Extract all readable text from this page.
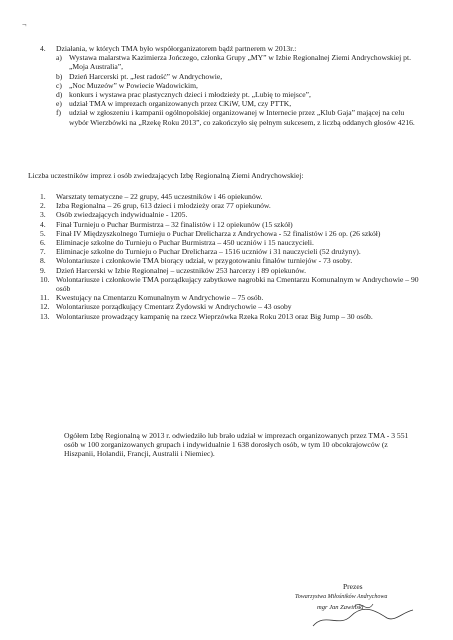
¬
4.	Działania, w których TMA było współorganizatorem bądź partnerem w 2013r.:
a) Wystawa malarstwa Kazimierza Jończego, członka Grupy „MY” w Izbie Regionalnej Ziemi Andrychowskiej pt. „Moja Australia”,
b) Dzień Harcerski pt. „Jest radość” w Andrychowie,
c) „Noc Muzeów” w Powiecie Wadowickim,
d) konkurs i wystawa prac plastycznych dzieci i młodzieży pt. „Lubię to miejsce”,
e) udział TMA w imprezach organizowanych przez CKiW, UM, czy PTTK,
f)	udział w zgłoszeniu i kampanii ogólnopolskiej organizowanej w Internecie przez „Klub Gaja” mającej na celu wybór Wierzbówki na „Rzekę Roku 2013”, co zakończyło się pełnym sukcesem, z liczbą oddanych głosów 4216.
Liczba uczestników imprez i osób zwiedzających Izbę Regionalną Ziemi Andrychowskiej:
1.	Warsztaty tematyczne – 22 grupy, 445 uczestników i 46 opiekunów.
2.	Izba Regionalna – 26 grup, 613 dzieci i młodzieży oraz 77 opiekunów.
3.	Osób zwiedzających indywidualnie - 1205.
4.	Finał Turnieju o Puchar Burmistrza – 32 finalistów i 12 opiekunów (15 szkół)
5.	Finał IV Międzyszkolnego Turnieju o Puchar Drelicharza z Andrychowa - 52 finalistów i 26 op. (26 szkół)
6.	Eliminacje szkolne do Turnieju o Puchar Burmistrza – 450 uczniów i 15 nauczycieli.
7.	Eliminacje szkolne do Turnieju o Puchar Drelicharza – 1516 uczniów i 31 nauczycieli (52 drużyny).
8.	Wolontariusze i członkowie TMA biorący udział, w przygotowaniu finałów turniejów - 73 osoby.
9.	Dzień Harcerski w Izbie Regionalnej – uczestników 253 harcerzy i 89 opiekunów.
10. Wolontariusze i członkowie TMA porządkujący zabytkowe nagrobki na Cmentarzu Komunalnym w Andrychowie – 90 osób
11. Kwestujący na Cmentarzu Komunalnym w Andrychowie – 75 osób.
12. Wolontariusze porządkujący Cmentarz Żydowski w Andrychowie – 43 osoby
13. Wolontariusze prowadzący kampanię na rzecz Wieprzówka Rzeka Roku 2013 oraz Big Jump – 30 osób.
Ogółem Izbę Regionalną w 2013 r. odwiedziło lub brało udział w imprezach organizowanych przez TMA - 3 551 osób w 100 zorganizowanych grupach i indywidualnie 1 638 dorosłych osób, w tym 10 obcokrajowców (z Hiszpanii, Holandii, Francji, Australii i Niemiec).
Prezes
Towarzystwa Miłośników Andrychowa
mgr Jan Zawiński
